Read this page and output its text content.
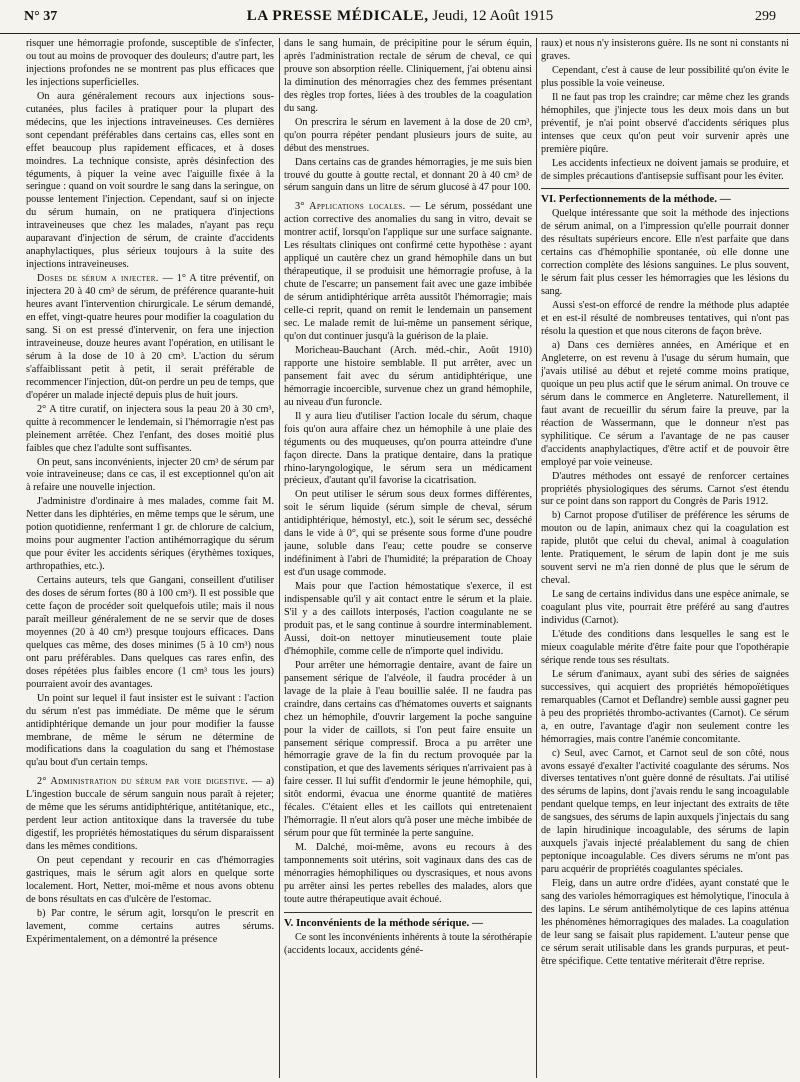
N° 37	LA PRESSE MÉDICALE, Jeudi, 12 Août 1915	299

risquer une hémorragie profonde, susceptible de s'infecter, ou tout au moins de provoquer des douleurs; d'autre part, les injections profondes ne se montrent pas plus efficaces que les injections superficielles.

On aura généralement recours aux injections sous-cutanées, plus faciles à pratiquer pour la plupart des médecins, que les injections intraveineuses. Ces dernières sont cependant préférables dans certains cas, elles sont en effet beaucoup plus rapidement efficaces, et à doses moindres. La technique consiste, après désinfection des téguments, à piquer la veine avec l'aiguille fixée à la seringue : quand on voit sourdre le sang dans la seringue, on pousse lentement l'injection. Cependant, sauf si on injecte du sérum humain, on ne pratiquera d'injections intraveineuses que chez les malades, n'ayant pas reçu auparavant d'injection de sérum, de crainte d'accidents anaphylactiques, plus sérieux toujours à la suite des injections intraveineuses.

Doses de sérum a injecter. — 1° A titre préventif, on injectera 20 à 40 cm³ de sérum, de préférence quarante-huit heures avant l'intervention chirurgicale. Le sérum demandé, en effet, vingt-quatre heures pour modifier la coagulation du sang. Si on est pressé d'intervenir, on fera une injection intraveineuse, douze heures avant l'opération, en utilisant le sérum à la dose de 10 à 20 cm³. L'action du sérum s'affaiblissant petit à petit, il serait préférable de recommencer l'injection, dût-on perdre un peu de temps, que d'opérer un malade injecté depuis plus de huit jours.

2° A titre curatif, on injectera sous la peau 20 à 30 cm³, quitte à recommencer le lendemain, si l'hémorragie n'est pas pleinement arrêtée. Chez l'enfant, des doses moitié plus faibles que chez l'adulte sont suffisantes.

On peut, sans inconvénients, injecter 20 cm³ de sérum par voie intraveineuse; dans ce cas, il est exceptionnel qu'on ait à refaire une nouvelle injection.

J'administre d'ordinaire à mes malades, comme fait M. Netter dans les diphtéries, en même temps que le sérum, une potion quotidienne, renfermant 1 gr. de chlorure de calcium, moins pour augmenter l'action antihémorragique du sérum que pour éviter les accidents sériques (érythèmes toxiques, arthropathies, etc.).

Certains auteurs, tels que Gangani, conseillent d'utiliser des doses de sérum fortes (80 à 100 cm³). Il est possible que cette façon de procéder soit quelquefois utile; mais il nous paraît meilleur généralement de ne se servir que de doses moyennes (20 à 40 cm³) presque toujours efficaces. Dans quelques cas même, des doses minimes (5 à 10 cm³) nous ont paru préférables. Dans quelques cas rares enfin, des doses répétées plus faibles encore (1 cm³ tous les jours) pourraient avoir des avantages.

Un point sur lequel il faut insister est le suivant : l'action du sérum n'est pas immédiate. De même que le sérum antidiphtérique demande un jour pour modifier la fausse membrane, de même le sérum ne détermine de modifications dans la coagulation du sang et l'hémostase qu'au bout d'un certain temps.

2° Administration du sérum par voie digestive. — a) L'ingestion buccale de sérum sanguin nous paraît à rejeter; de même que les sérums antidiphtérique, antitétanique, etc., perdent leur action antitoxique dans la traversée du tube digestif, les propriétés hémostatiques du sérum disparaissent dans les mêmes conditions.

On peut cependant y recourir en cas d'hémorragies gastriques, mais le sérum agit alors en quelque sorte localement. Hort, Netter, moi-même et nous avons obtenu de bons résultats en cas d'ulcère de l'estomac.

b) Par contre, le sérum agit, lorsqu'on le prescrit en lavement, comme certains autres sérums. Expérimentalement, on a démontré la présence

dans le sang humain, de précipitine pour le sérum équin, après l'administration rectale de sérum de cheval, ce qui prouve son absorption réelle. Cliniquement, j'ai obtenu ainsi la diminution des ménorragies chez des femmes présentant des règles trop fortes, liées à des troubles de la coagulation du sang.

On prescrira le sérum en lavement à la dose de 20 cm³, qu'on pourra répéter pendant plusieurs jours de suite, au début des menstrues.

Dans certains cas de grandes hémorragies, je me suis bien trouvé du goutte à goutte rectal, et donnant 20 à 40 cm³ de sérum sanguin dans un litre de sérum glucosé à 47 pour 100.

3° Applications locales. — Le sérum, possédant une action corrective des anomalies du sang in vitro, devait se montrer actif, lorsqu'on l'applique sur une surface saignante. Les résultats cliniques ont confirmé cette hypothèse : ayant appliqué un cautère chez un grand hémophile dans un but thérapeutique, il se produisit une hémorragie profuse, à la chute de l'escarre; un pansement fait avec une gaze imbibée de sérum antidiphtérique arrêta aussitôt l'hémorragie; mais celle-ci reprit, quand on remit le lendemain un pansement sec. Le malade remit de lui-même un pansement sérique, qu'on dut continuer jusqu'à la guérison de la plaie.

Moricheau-Bauchant (Arch. méd.-chir., Août 1910) rapporte une histoire semblable. Il put arrêter, avec un pansement fait avec du sérum antidiphtérique, une hémorragie incoercible, survenue chez un grand hémophile, au niveau d'un furoncle.

Il y aura lieu d'utiliser l'action locale du sérum, chaque fois qu'on aura affaire chez un hémophile à une plaie des téguments ou des muqueuses, qu'on pourra atteindre d'une façon directe. Dans la pratique dentaire, dans la pratique rhino-laryngologique, le sérum sera un médicament précieux, d'autant qu'il favorise la cicatrisation.

On peut utiliser le sérum sous deux formes différentes, soit le sérum liquide (sérum simple de cheval, sérum antidiphtérique, hémostyl, etc.), soit le sérum sec, desséché dans le vide à 0°, qui se présente sous forme d'une poudre jaune, soluble dans l'eau; cette poudre se conserve indéfiniment à l'abri de l'humidité; la préparation de Choay est d'un usage commode.

Mais pour que l'action hémostatique s'exerce, il est indispensable qu'il y ait contact entre le sérum et la plaie. S'il y a des caillots interposés, l'action coagulante ne se produit pas, et le sang continue à sourdre interminablement. Aussi, doit-on nettoyer minutieusement toute plaie d'hémophile, comme celle de n'importe quel individu.

Pour arrêter une hémorragie dentaire, avant de faire un pansement sérique de l'alvéole, il faudra procéder à un lavage de la plaie à l'eau bouillie salée. Il ne faudra pas craindre, dans certains cas d'hématomes ouverts et saignants chez un hémophile, d'ouvrir largement la poche sanguine pour la vider de caillots, si l'on peut faire ensuite un pansement sérique compressif. Broca a pu arrêter une hémorragie grave de la fin du rectum provoquée par la constipation, et que des lavements sériques n'arrivaient pas à faire cesser. Il lui suffit d'endormir le jeune hémophile, qui, sitôt endormi, évacua une énorme quantité de matières fécales. C'étaient elles et les caillots qui entretenaient l'hémorragie. Il n'eut alors qu'à poser une mèche imbibée de sérum pour que fût terminée la perte sanguine.

M. Dalché, moi-même, avons eu recours à des tamponnements soit utérins, soit vaginaux dans des cas de ménorragies hémophiliques ou dyscrasiques, et nous avons pu arrêter ainsi les pertes rebelles des malades, alors que toute autre thérapeutique avait échoué.

V. Inconvénients de la méthode sérique. —

Ce sont les inconvénients inhérents à toute la sérothérapie (accidents locaux, accidents géné-

raux) et nous n'y insisterons guère. Ils ne sont ni constants ni graves.

Cependant, c'est à cause de leur possibilité qu'on évite le plus possible la voie veineuse.

Il ne faut pas trop les craindre; car même chez les grands hémophiles, que j'injecte tous les deux mois dans un but préventif, je n'ai point observé d'accidents sériques plus intenses que ceux qu'on peut voir survenir après une première piqûre.

Les accidents infectieux ne doivent jamais se produire, et de simples précautions d'antisepsie suffisant pour les éviter.

VI. Perfectionnements de la méthode. —

Quelque intéressante que soit la méthode des injections de sérum animal, on a l'impression qu'elle pourrait donner des résultats supérieurs encore. Elle n'est parfaite que dans certains cas d'hémophilie spontanée, où elle donne une correction complète des lésions sanguines. Le plus souvent, le sérum fait plus cesser les hémorragies que les lésions du sang.

Aussi s'est-on efforcé de rendre la méthode plus adaptée et en est-il résulté de nombreuses tentatives, qui n'ont pas résolu la question et que nous citerons de façon brève.

a) Dans ces dernières années, en Amérique et en Angleterre, on est revenu à l'usage du sérum humain, que j'avais utilisé au début et rejeté comme moins pratique, quoique un peu plus actif que le sérum animal. On trouve ce sérum dans le commerce en Angleterre. Naturellement, il faut avant de recueillir du sérum faire la preuve, par la réaction de Wassermann, que le donneur n'est pas syphilitique. Ce sérum a l'avantage de ne pas causer d'accidents anaphylactiques, d'être actif et de pouvoir être employé par voie veineuse.

D'autres méthodes ont essayé de renforcer certaines propriétés physiologiques des sérums. Carnot s'est étendu sur ce point dans son rapport du Congrès de Paris 1912.

b) Carnot propose d'utiliser de préférence les sérums de mouton ou de lapin, animaux chez qui la coagulation est rapide, plutôt que celui du cheval, animal à coagulation lente. Pratiquement, le sérum de lapin dont je me suis souvent servi ne m'a rien donné de plus que le sérum de cheval.

Le sang de certains individus dans une espèce animale, se coagulant plus vite, pourrait être préféré au sang d'autres individus (Carnot).

L'étude des conditions dans lesquelles le sang est le mieux coagulable mérite d'être faite pour que l'opothérapie sérique rende tous ses résultats.

Le sérum d'animaux, ayant subi des séries de saignées successives, qui acquiert des propriétés hémopoïétiques remarquables (Carnot et Deflandre) semble aussi gagner peu à peu des propriétés thrombo-activantes (Carnot). Ce sérum a, en outre, l'avantage d'agir non seulement contre les hémorragies, mais contre l'anémie concomitante.

c) Seul, avec Carnot, et Carnot seul de son côté, nous avons essayé d'exalter l'activité coagulante des sérums. Nos diverses tentatives n'ont guère donné de résultats. J'ai utilisé des sérums de lapins, dont j'avais rendu le sang incoagulable pendant quelque temps, en leur injectant des extraits de tête de sangsues, des sérums de lapin auxquels j'injectais du sang de lapin hirudinique incoagulable, des sérums de lapin auxquels j'avais injecté préalablement du sang de chien peptonique incoagulable. Ces divers sérums ne m'ont pas paru acquérir de propriétés coagulantes spéciales.

Fleig, dans un autre ordre d'idées, ayant constaté que le sang des varioles hémorragiques est hémolytique, l'inocula à des lapins. Le sérum antihémolytique de ces lapins atténua les phénomènes hémorragiques des malades. La coagulation de leur sang se faisait plus rapidement. L'auteur pense que ce sérum serait utilisable dans les grands purpuras, et peut-être spécifique. Cette tentative mériterait d'être reprise.
